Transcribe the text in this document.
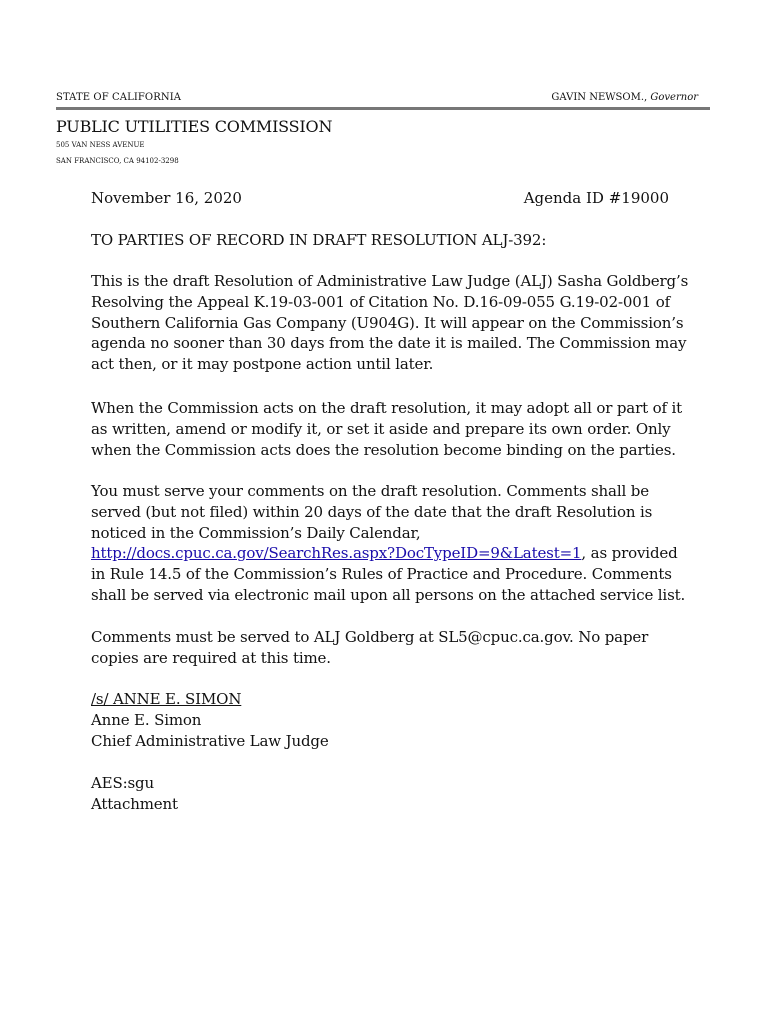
STATE OF CALIFORNIA	GAVIN NEWSOM., Governor
PUBLIC UTILITIES COMMISSION
505 VAN NESS AVENUE
SAN FRANCISCO, CA 94102-3298
November 16, 2020	Agenda ID #19000
TO PARTIES OF RECORD IN DRAFT RESOLUTION ALJ-392:
This is the draft Resolution of Administrative Law Judge (ALJ) Sasha Goldberg’s
Resolving the Appeal K.19-03-001 of Citation No. D.16-09-055 G.19-02-001 of
Southern California Gas Company (U904G). It will appear on the Commission’s
agenda no sooner than 30 days from the date it is mailed. The Commission may
act then, or it may postpone action until later.
When the Commission acts on the draft resolution, it may adopt all or part of it
as written, amend or modify it, or set it aside and prepare its own order. Only
when the Commission acts does the resolution become binding on the parties.
You must serve your comments on the draft resolution. Comments shall be
served (but not filed) within 20 days of the date that the draft Resolution is
noticed in the Commission’s Daily Calendar,
http://docs.cpuc.ca.gov/SearchRes.aspx?DocTypeID=9&Latest=1, as provided
in Rule 14.5 of the Commission’s Rules of Practice and Procedure. Comments
shall be served via electronic mail upon all persons on the attached service list.
Comments must be served to ALJ Goldberg at SL5@cpuc.ca.gov. No paper
copies are required at this time.
/s/ ANNE E. SIMON
Anne E. Simon
Chief Administrative Law Judge
AES:sgu
Attachment
